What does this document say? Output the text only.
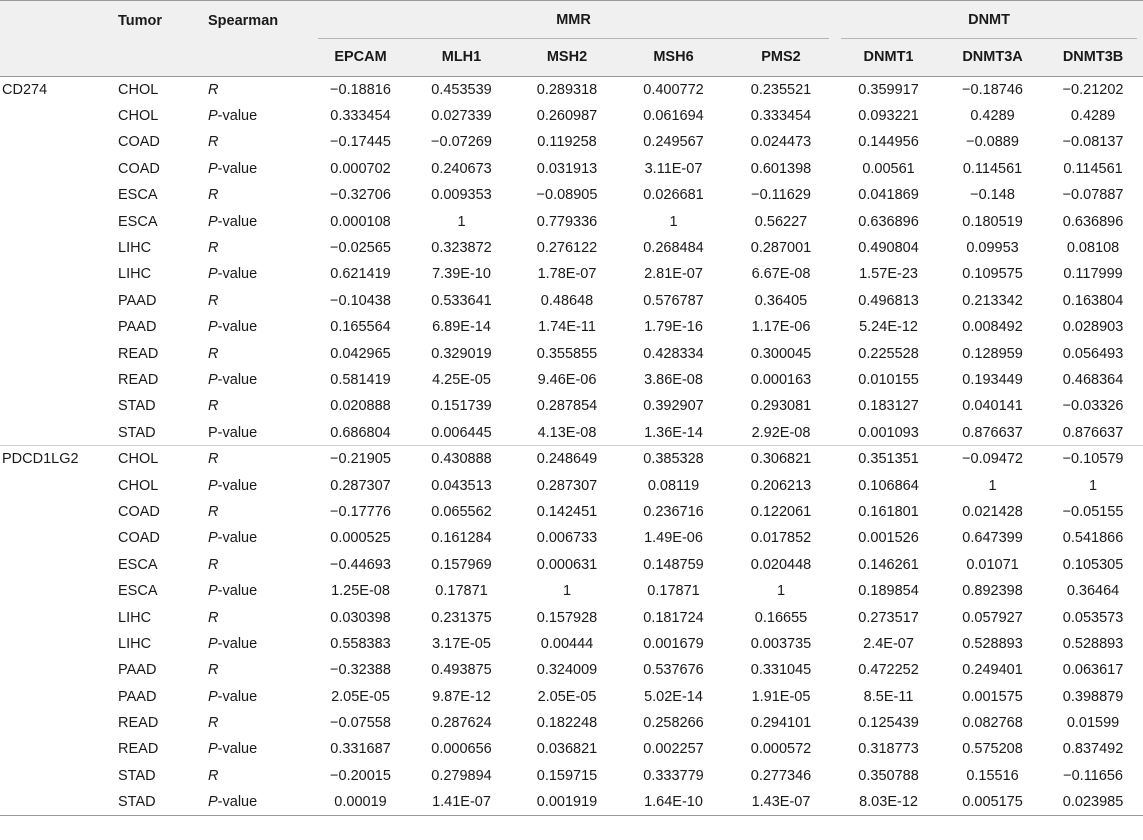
	Tumor	Spearman	MMR					DNMT		

			EPCAM	MLH1	MSH2	MSH6	PMS2	DNMT1	DNMT3A	DNMT3B
CD274	CHOL	R	−0.18816	0.453539	0.289318	0.400772	0.235521	0.359917	−0.18746	−0.21202
	CHOL	P-value	0.333454	0.027339	0.260987	0.061694	0.333454	0.093221	0.4289	0.4289
	COAD	R	−0.17445	−0.07269	0.119258	0.249567	0.024473	0.144956	−0.0889	−0.08137
	COAD	P-value	0.000702	0.240673	0.031913	3.11E-07	0.601398	0.00561	0.114561	0.114561
	ESCA	R	−0.32706	0.009353	−0.08905	0.026681	−0.11629	0.041869	−0.148	−0.07887
	ESCA	P-value	0.000108	1	0.779336	1	0.56227	0.636896	0.180519	0.636896
	LIHC	R	−0.02565	0.323872	0.276122	0.268484	0.287001	0.490804	0.09953	0.08108
	LIHC	P-value	0.621419	7.39E-10	1.78E-07	2.81E-07	6.67E-08	1.57E-23	0.109575	0.117999
	PAAD	R	−0.10438	0.533641	0.48648	0.576787	0.36405	0.496813	0.213342	0.163804
	PAAD	P-value	0.165564	6.89E-14	1.74E-11	1.79E-16	1.17E-06	5.24E-12	0.008492	0.028903
	READ	R	0.042965	0.329019	0.355855	0.428334	0.300045	0.225528	0.128959	0.056493
	READ	P-value	0.581419	4.25E-05	9.46E-06	3.86E-08	0.000163	0.010155	0.193449	0.468364
	STAD	R	0.020888	0.151739	0.287854	0.392907	0.293081	0.183127	0.040141	−0.03326
	STAD	P-value	0.686804	0.006445	4.13E-08	1.36E-14	2.92E-08	0.001093	0.876637	0.876637
PDCD1LG2	CHOL	R	−0.21905	0.430888	0.248649	0.385328	0.306821	0.351351	−0.09472	−0.10579
	CHOL	P-value	0.287307	0.043513	0.287307	0.08119	0.206213	0.106864	1	1
	COAD	R	−0.17776	0.065562	0.142451	0.236716	0.122061	0.161801	0.021428	−0.05155
	COAD	P-value	0.000525	0.161284	0.006733	1.49E-06	0.017852	0.001526	0.647399	0.541866
	ESCA	R	−0.44693	0.157969	0.000631	0.148759	0.020448	0.146261	0.01071	0.105305
	ESCA	P-value	1.25E-08	0.17871	1	0.17871	1	0.189854	0.892398	0.36464
	LIHC	R	0.030398	0.231375	0.157928	0.181724	0.16655	0.273517	0.057927	0.053573
	LIHC	P-value	0.558383	3.17E-05	0.00444	0.001679	0.003735	2.4E-07	0.528893	0.528893
	PAAD	R	−0.32388	0.493875	0.324009	0.537676	0.331045	0.472252	0.249401	0.063617
	PAAD	P-value	2.05E-05	9.87E-12	2.05E-05	5.02E-14	1.91E-05	8.5E-11	0.001575	0.398879
	READ	R	−0.07558	0.287624	0.182248	0.258266	0.294101	0.125439	0.082768	0.01599
	READ	P-value	0.331687	0.000656	0.036821	0.002257	0.000572	0.318773	0.575208	0.837492
	STAD	R	−0.20015	0.279894	0.159715	0.333779	0.277346	0.350788	0.15516	−0.11656
	STAD	P-value	0.00019	1.41E-07	0.001919	1.64E-10	1.43E-07	8.03E-12	0.005175	0.023985
